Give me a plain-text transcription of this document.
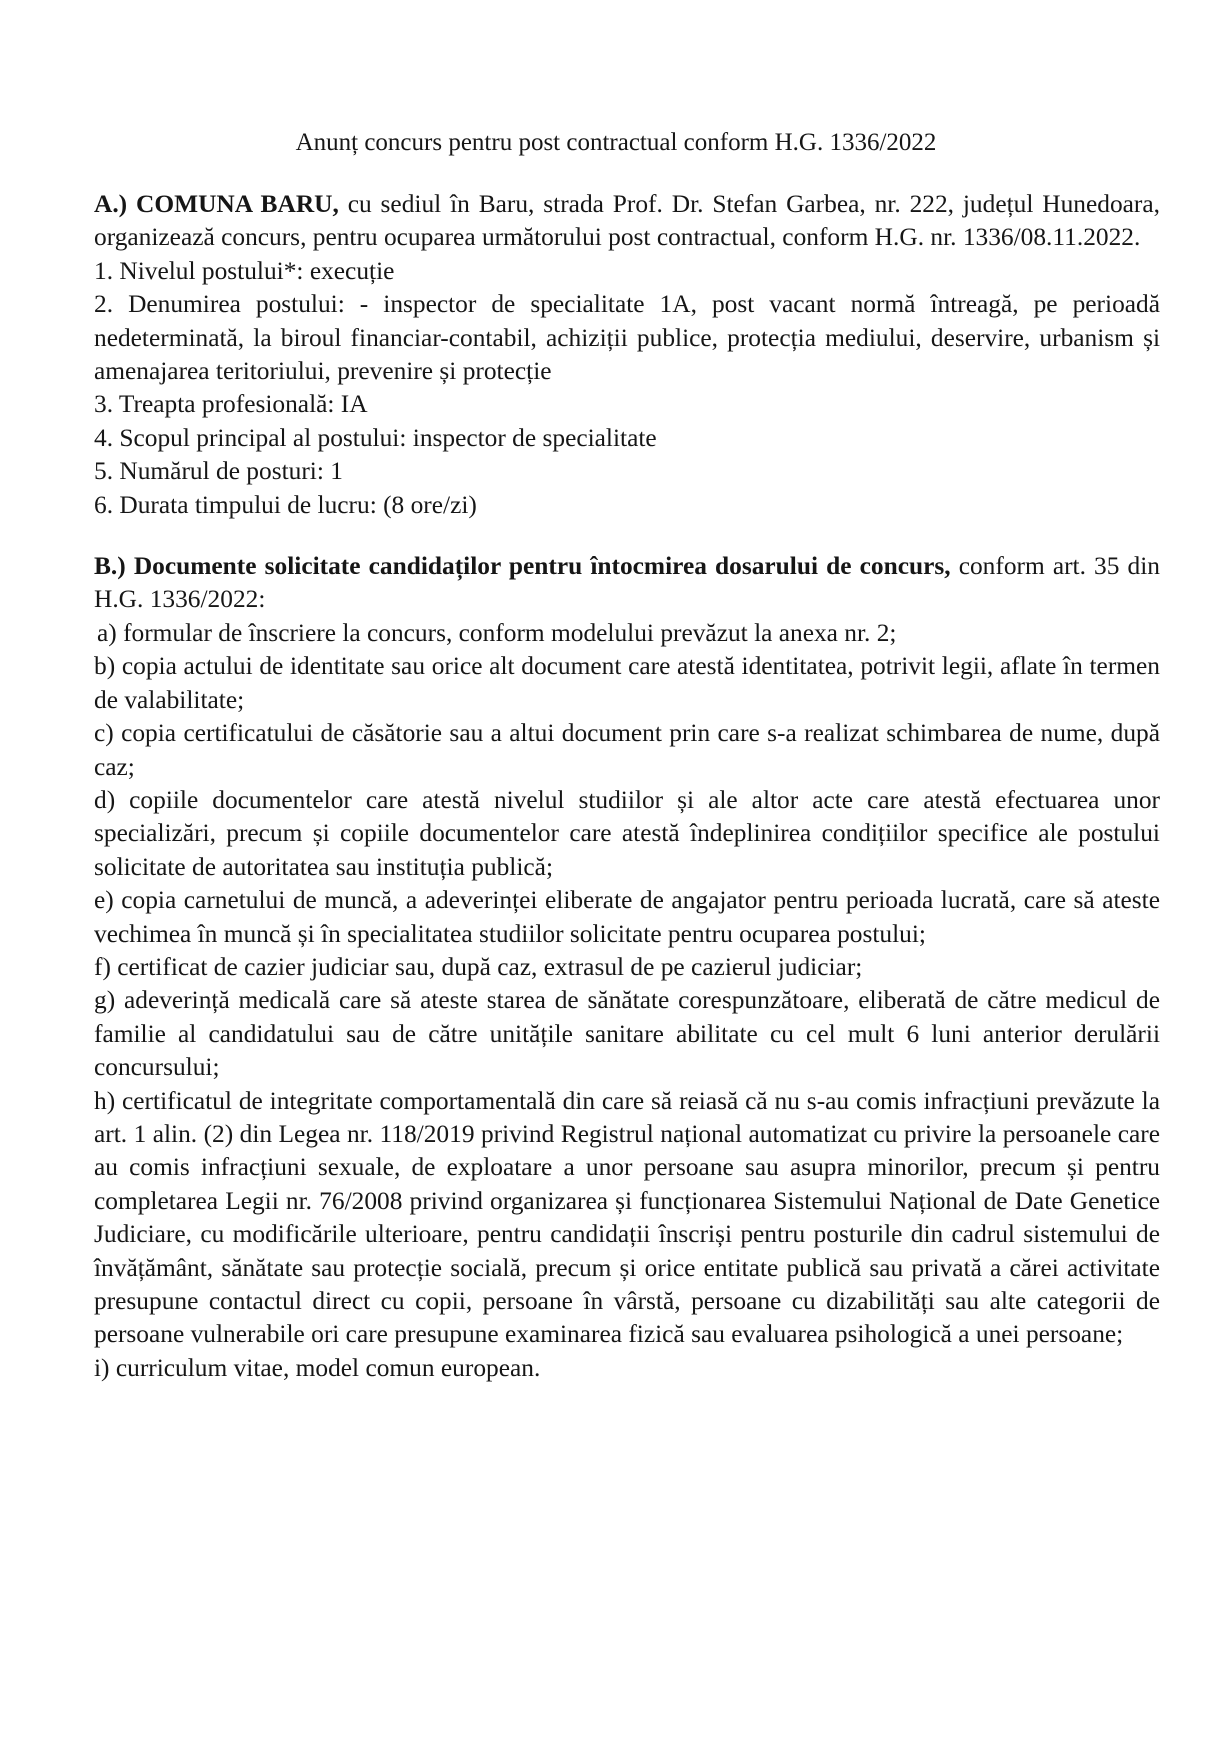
Anunț concurs pentru post contractual conform H.G. 1336/2022

A.) COMUNA BARU, cu sediul în Baru, strada Prof. Dr. Stefan Garbea, nr. 222, județul Hunedoara, organizează concurs, pentru ocuparea următorului post contractual, conform H.G. nr. 1336/08.11.2022.

1. Nivelul postului*: execuție

2. Denumirea postului: - inspector de specialitate 1A, post vacant normă întreagă, pe perioadă nedeterminată, la biroul financiar-contabil, achiziții publice, protecția mediului, deservire, urbanism și amenajarea teritoriului, prevenire și protecție

3. Treapta profesională: IA

4. Scopul principal al postului: inspector de specialitate

5. Numărul de posturi: 1

6. Durata timpului de lucru: (8 ore/zi)

B.) Documente solicitate candidaților pentru întocmirea dosarului de concurs, conform art. 35 din H.G. 1336/2022:

a) formular de înscriere la concurs, conform modelului prevăzut la anexa nr. 2;

b) copia actului de identitate sau orice alt document care atestă identitatea, potrivit legii, aflate în termen de valabilitate;

c) copia certificatului de căsătorie sau a altui document prin care s-a realizat schimbarea de nume, după caz;

d) copiile documentelor care atestă nivelul studiilor și ale altor acte care atestă efectuarea unor specializări, precum și copiile documentelor care atestă îndeplinirea condițiilor specifice ale postului solicitate de autoritatea sau instituția publică;

e) copia carnetului de muncă, a adeverinței eliberate de angajator pentru perioada lucrată, care să ateste vechimea în muncă și în specialitatea studiilor solicitate pentru ocuparea postului;

f) certificat de cazier judiciar sau, după caz, extrasul de pe cazierul judiciar;

g) adeverință medicală care să ateste starea de sănătate corespunzătoare, eliberată de către medicul de familie al candidatului sau de către unitățile sanitare abilitate cu cel mult 6 luni anterior derulării concursului;

h) certificatul de integritate comportamentală din care să reiasă că nu s-au comis infracțiuni prevăzute la art. 1 alin. (2) din Legea nr. 118/2019 privind Registrul național automatizat cu privire la persoanele care au comis infracțiuni sexuale, de exploatare a unor persoane sau asupra minorilor, precum și pentru completarea Legii nr. 76/2008 privind organizarea și funcționarea Sistemului Național de Date Genetice Judiciare, cu modificările ulterioare, pentru candidații înscriși pentru posturile din cadrul sistemului de învățământ, sănătate sau protecție socială, precum și orice entitate publică sau privată a cărei activitate presupune contactul direct cu copii, persoane în vârstă, persoane cu dizabilități sau alte categorii de persoane vulnerabile ori care presupune examinarea fizică sau evaluarea psihologică a unei persoane;

i) curriculum vitae, model comun european.
